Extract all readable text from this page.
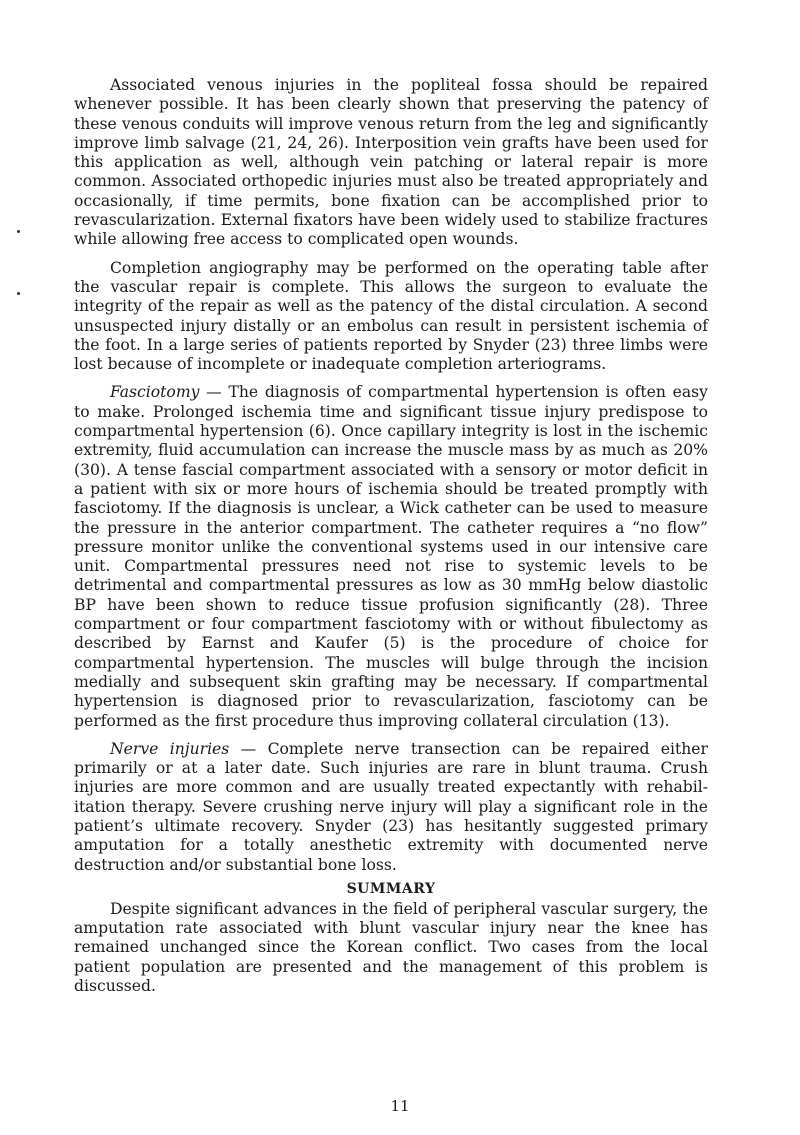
Associated venous injuries in the popliteal fossa should be repaired whenever possible. It has been clearly shown that preserving the patency of these venous conduits will improve venous return from the leg and significantly improve limb salvage (21, 24, 26). Interposition vein grafts have been used for this application as well, although vein patching or lateral repair is more common. Associated orthopedic injuries must also be treated appropriately and occasionally, if time permits, bone fixation can be accomplished prior to revascularization. External fixators have been widely used to stabilize fractures while allowing free access to complicated open wounds.

Completion angiography may be performed on the operating table after the vascular repair is complete. This allows the surgeon to evaluate the integrity of the repair as well as the patency of the distal circulation. A second unsuspected injury distally or an embolus can result in persistent ischemia of the foot. In a large series of patients reported by Snyder (23) three limbs were lost because of incomplete or inadequate completion arteriograms.

Fasciotomy — The diagnosis of compartmental hypertension is often easy to make. Prolonged ischemia time and significant tissue injury predispose to compartmental hypertension (6). Once capillary integrity is lost in the ischemic extremity, fluid accumulation can increase the muscle mass by as much as 20% (30). A tense fascial compartment associated with a sensory or motor deficit in a patient with six or more hours of ischemia should be treated promptly with fasciotomy. If the diagnosis is unclear, a Wick catheter can be used to measure the pressure in the anterior compartment. The catheter requires a “no flow” pressure monitor unlike the conventional systems used in our intensive care unit. Compartmental pressures need not rise to systemic levels to be detrimental and compartmental pressures as low as 30 mmHg below diastolic BP have been shown to reduce tissue profusion significantly (28). Three compartment or four compartment fasciotomy with or without fibulectomy as described by Earnst and Kaufer (5) is the procedure of choice for compartmental hypertension. The muscles will bulge through the incision medially and subsequent skin grafting may be necessary. If compartmental hypertension is diagnosed prior to revascularization, fasciotomy can be performed as the first procedure thus improving collateral circulation (13).

Nerve injuries — Complete nerve transection can be repaired either primarily or at a later date. Such injuries are rare in blunt trauma. Crush injuries are more common and are usually treated expectantly with rehabilitation therapy. Severe crushing nerve injury will play a significant role in the patient’s ultimate recovery. Snyder (23) has hesitantly suggested primary amputation for a totally anesthetic extremity with documented nerve destruction and/or substantial bone loss.

SUMMARY

Despite significant advances in the field of peripheral vascular surgery, the amputation rate associated with blunt vascular injury near the knee has remained unchanged since the Korean conflict. Two cases from the local patient population are presented and the management of this problem is discussed.

11
